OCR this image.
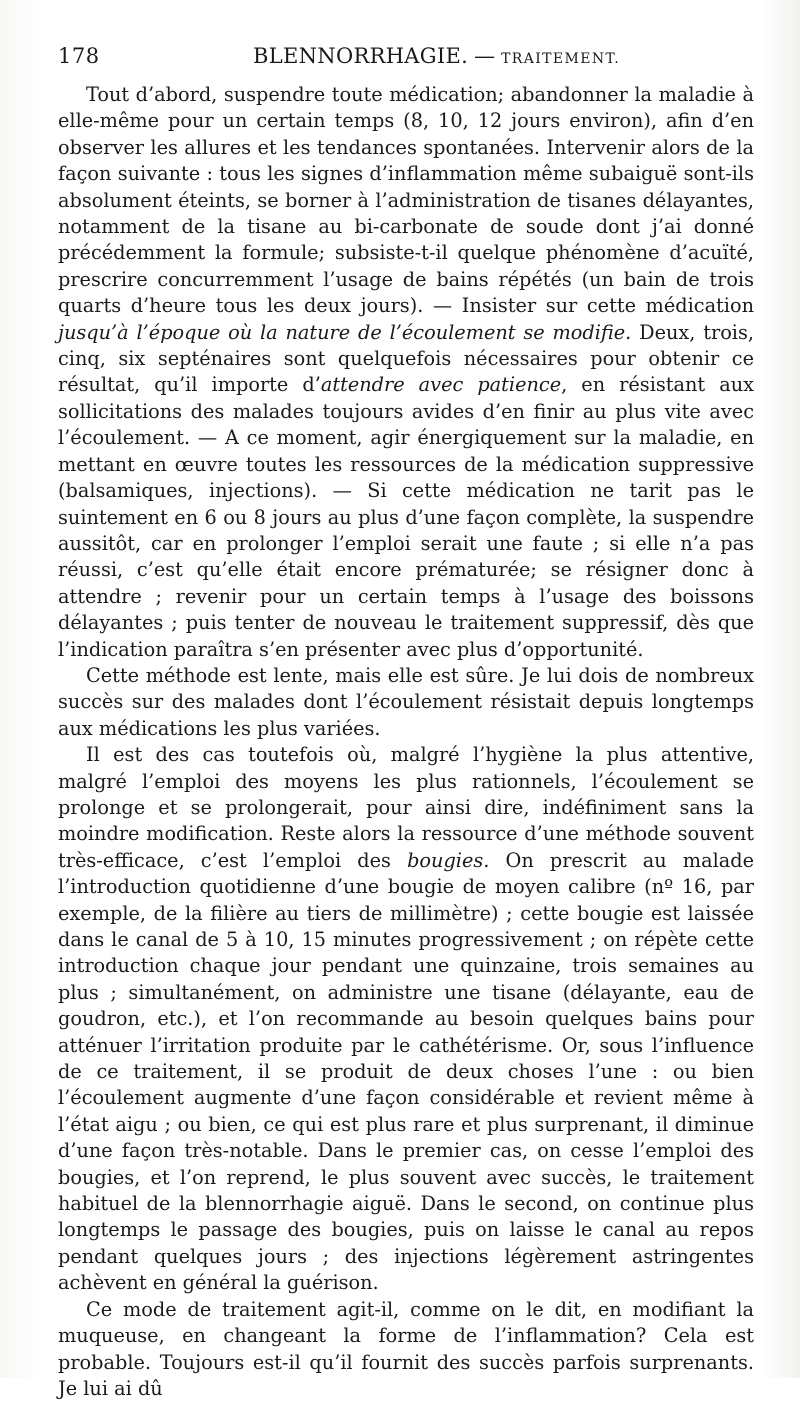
178	BLENNORRHAGIE. — TRAITEMENT.

Tout d’abord, suspendre toute médication; abandonner la maladie à elle-même pour un certain temps (8, 10, 12 jours environ), afin d’en observer les allures et les tendances spontanées. Intervenir alors de la façon suivante : tous les signes d’inflammation même subaiguë sont-ils absolument éteints, se borner à l’administration de tisanes délayantes, notamment de la tisane au bi-carbonate de soude dont j’ai donné précédemment la formule; subsiste-t-il quelque phénomène d’acuïté, prescrire concurremment l’usage de bains répétés (un bain de trois quarts d’heure tous les deux jours). — Insister sur cette médication jusqu’à l’époque où la nature de l’écoulement se modifie. Deux, trois, cinq, six septénaires sont quelquefois nécessaires pour obtenir ce résultat, qu’il importe d’attendre avec patience, en résistant aux sollicitations des malades toujours avides d’en finir au plus vite avec l’écoulement. — A ce moment, agir énergiquement sur la maladie, en mettant en œuvre toutes les ressources de la médication suppressive (balsamiques, injections). — Si cette médication ne tarit pas le suintement en 6 ou 8 jours au plus d’une façon complète, la suspendre aussitôt, car en prolonger l’emploi serait une faute ; si elle n’a pas réussi, c’est qu’elle était encore prématurée; se résigner donc à attendre ; revenir pour un certain temps à l’usage des boissons délayantes ; puis tenter de nouveau le traitement suppressif, dès que l’indication paraîtra s’en présenter avec plus d’opportunité.

Cette méthode est lente, mais elle est sûre. Je lui dois de nombreux succès sur des malades dont l’écoulement résistait depuis longtemps aux médications les plus variées.

Il est des cas toutefois où, malgré l’hygiène la plus attentive, malgré l’emploi des moyens les plus rationnels, l’écoulement se prolonge et se prolongerait, pour ainsi dire, indéfiniment sans la moindre modification. Reste alors la ressource d’une méthode souvent très-efficace, c’est l’emploi des bougies. On prescrit au malade l’introduction quotidienne d’une bougie de moyen calibre (nº 16, par exemple, de la filière au tiers de millimètre) ; cette bougie est laissée dans le canal de 5 à 10, 15 minutes progressivement ; on répète cette introduction chaque jour pendant une quinzaine, trois semaines au plus ; simultanément, on administre une tisane (délayante, eau de goudron, etc.), et l’on recommande au besoin quelques bains pour atténuer l’irritation produite par le cathétérisme. Or, sous l’influence de ce traitement, il se produit de deux choses l’une : ou bien l’écoulement augmente d’une façon considérable et revient même à l’état aigu ; ou bien, ce qui est plus rare et plus surprenant, il diminue d’une façon très-notable. Dans le premier cas, on cesse l’emploi des bougies, et l’on reprend, le plus souvent avec succès, le traitement habituel de la blennorrhagie aiguë. Dans le second, on continue plus longtemps le passage des bougies, puis on laisse le canal au repos pendant quelques jours ; des injections légèrement astringentes achèvent en général la guérison.

Ce mode de traitement agit-il, comme on le dit, en modifiant la muqueuse, en changeant la forme de l’inflammation? Cela est probable. Toujours est-il qu’il fournit des succès parfois surprenants. Je lui ai dû
